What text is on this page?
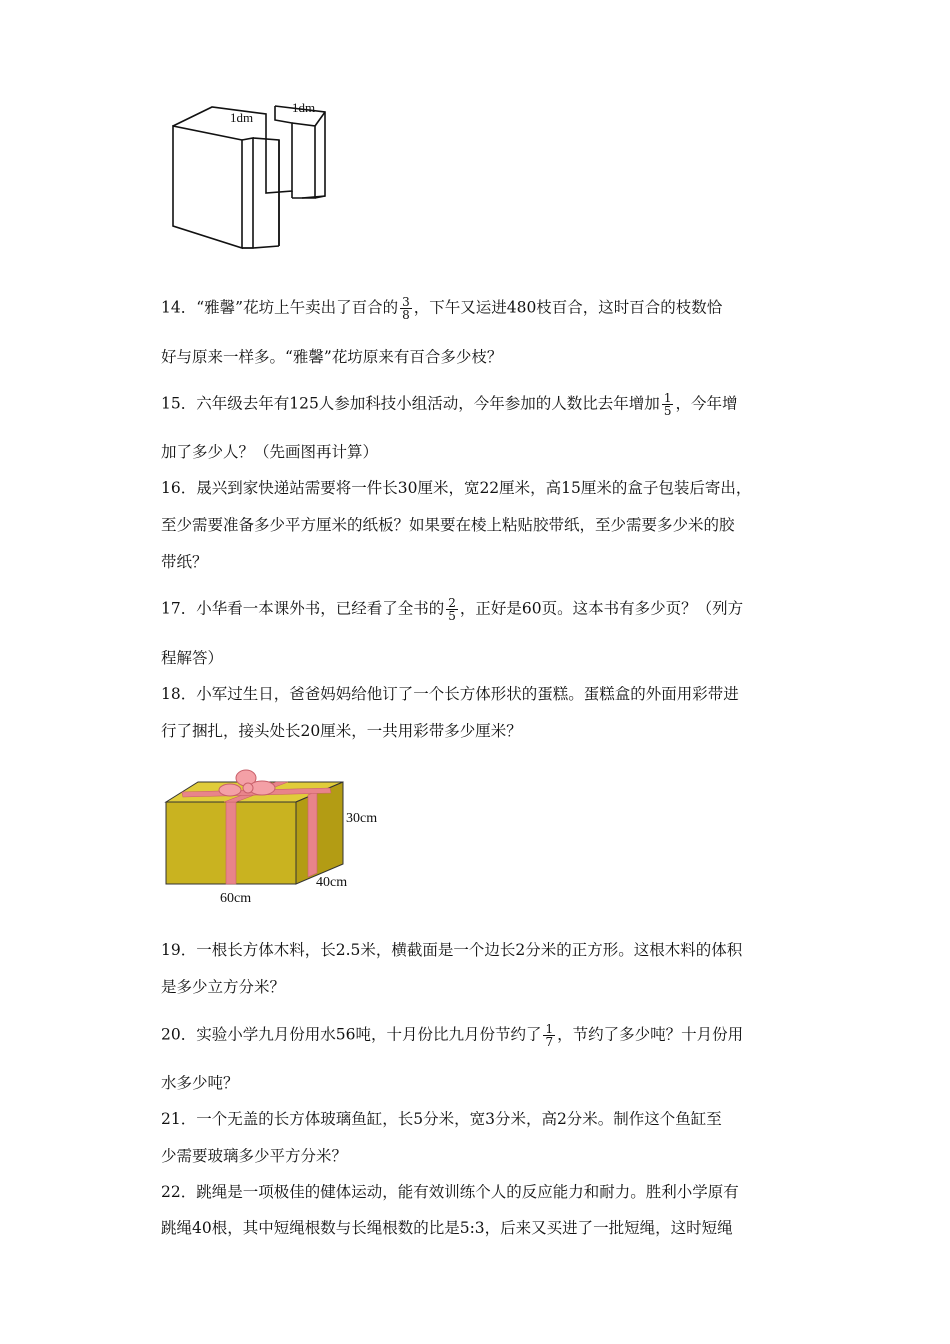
1dm
1dm
14．“雅馨”花坊上午卖出了百合的 $\frac{3}{8}$ ，下午又运进480枝百合，这时百合的枝数恰
好与原来一样多。“雅馨”花坊原来有百合多少枝？
15．六年级去年有125人参加科技小组活动，今年参加的人数比去年增加 $\frac{1}{5}$ ，今年增
加了多少人？（先画图再计算）
16．晟兴到家快递站需要将一件长30厘米，宽22厘米，高15厘米的盒子包装后寄出，
至少需要准备多少平方厘米的纸板？如果要在棱上粘贴胶带纸，至少需要多少米的胶
带纸？
17．小华看一本课外书，已经看了全书的 $\frac{2}{5}$ ，正好是60页。这本书有多少页？（列方
程解答）
18．小军过生日，爸爸妈妈给他订了一个长方体形状的蛋糕。蛋糕盒的外面用彩带进
行了捆扎，接头处长20厘米，一共用彩带多少厘米？
30cm
40cm
60cm
19．一根长方体木料，长2.5米，横截面是一个边长2分米的正方形。这根木料的体积
是多少立方分米？
20．实验小学九月份用水56吨，十月份比九月份节约了 $\frac{1}{7}$ ，节约了多少吨？十月份用
水多少吨？
21．一个无盖的长方体玻璃鱼缸，长5分米，宽3分米，高2分米。制作这个鱼缸至
少需要玻璃多少平方分米？
22．跳绳是一项极佳的健体运动，能有效训练个人的反应能力和耐力。胜利小学原有
跳绳40根，其中短绳根数与长绳根数的比是5:3，后来又买进了一批短绳，这时短绳
